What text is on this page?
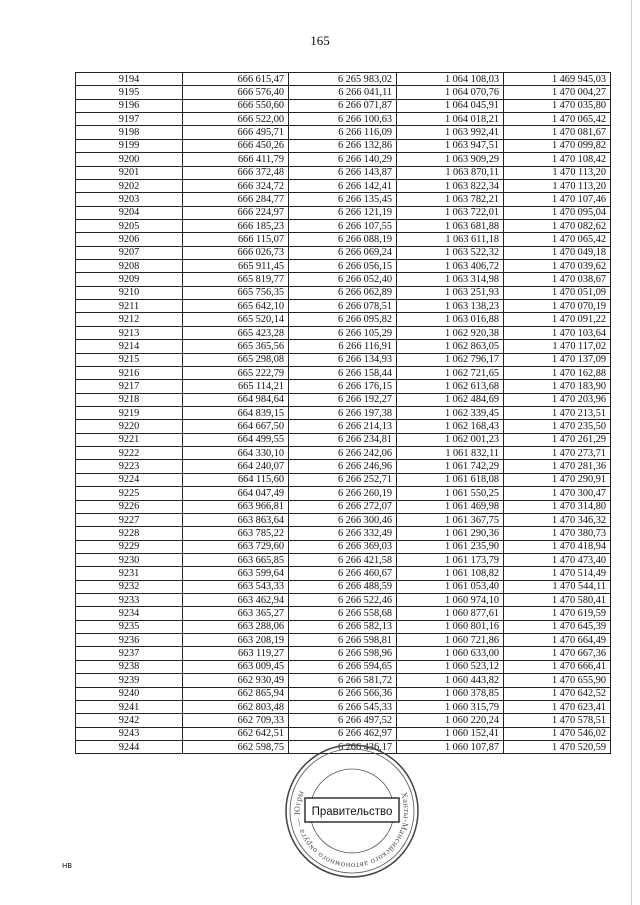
165
9194	666 615,47	6 265 983,02	1 064 108,03	1 469 945,03
9195	666 576,40	6 266 041,11	1 064 070,76	1 470 004,27
9196	666 550,60	6 266 071,87	1 064 045,91	1 470 035,80
9197	666 522,00	6 266 100,63	1 064 018,21	1 470 065,42
9198	666 495,71	6 266 116,09	1 063 992,41	1 470 081,67
9199	666 450,26	6 266 132,86	1 063 947,51	1 470 099,82
9200	666 411,79	6 266 140,29	1 063 909,29	1 470 108,42
9201	666 372,48	6 266 143,87	1 063 870,11	1 470 113,20
9202	666 324,72	6 266 142,41	1 063 822,34	1 470 113,20
9203	666 284,77	6 266 135,45	1 063 782,21	1 470 107,46
9204	666 224,97	6 266 121,19	1 063 722,01	1 470 095,04
9205	666 185,23	6 266 107,55	1 063 681,88	1 470 082,62
9206	666 115,07	6 266 088,19	1 063 611,18	1 470 065,42
9207	666 026,73	6 266 069,24	1 063 522,32	1 470 049,18
9208	665 911,45	6 266 056,15	1 063 406,72	1 470 039,62
9209	665 819,77	6 266 052,40	1 063 314,98	1 470 038,67
9210	665 756,35	6 266 062,89	1 063 251,93	1 470 051,09
9211	665 642,10	6 266 078,51	1 063 138,23	1 470 070,19
9212	665 520,14	6 266 095,82	1 063 016,88	1 470 091,22
9213	665 423,28	6 266 105,29	1 062 920,38	1 470 103,64
9214	665 365,56	6 266 116,91	1 062 863,05	1 470 117,02
9215	665 298,08	6 266 134,93	1 062 796,17	1 470 137,09
9216	665 222,79	6 266 158,44	1 062 721,65	1 470 162,88
9217	665 114,21	6 266 176,15	1 062 613,68	1 470 183,90
9218	664 984,64	6 266 192,27	1 062 484,69	1 470 203,96
9219	664 839,15	6 266 197,38	1 062 339,45	1 470 213,51
9220	664 667,50	6 266 214,13	1 062 168,43	1 470 235,50
9221	664 499,55	6 266 234,81	1 062 001,23	1 470 261,29
9222	664 330,10	6 266 242,06	1 061 832,11	1 470 273,71
9223	664 240,07	6 266 246,96	1 061 742,29	1 470 281,36
9224	664 115,60	6 266 252,71	1 061 618,08	1 470 290,91
9225	664 047,49	6 266 260,19	1 061 550,25	1 470 300,47
9226	663 966,81	6 266 272,07	1 061 469,98	1 470 314,80
9227	663 863,64	6 266 300,46	1 061 367,75	1 470 346,32
9228	663 785,22	6 266 332,49	1 061 290,36	1 470 380,73
9229	663 729,60	6 266 369,03	1 061 235,90	1 470 418,94
9230	663 665,85	6 266 421,58	1 061 173,79	1 470 473,40
9231	663 599,64	6 266 460,67	1 061 108,82	1 470 514,49
9232	663 543,33	6 266 488,59	1 061 053,40	1 470 544,11
9233	663 462,94	6 266 522,46	1 060 974,10	1 470 580,41
9234	663 365,27	6 266 558,68	1 060 877,61	1 470 619,59
9235	663 288,06	6 266 582,13	1 060 801,16	1 470 645,39
9236	663 208,19	6 266 598,81	1 060 721,86	1 470 664,49
9237	663 119,27	6 266 598,96	1 060 633,00	1 470 667,36
9238	663 009,45	6 266 594,65	1 060 523,12	1 470 666,41
9239	662 930,49	6 266 581,72	1 060 443,82	1 470 655,90
9240	662 865,94	6 266 566,36	1 060 378,85	1 470 642,52
9241	662 803,48	6 266 545,33	1 060 315,79	1 470 623,41
9242	662 709,33	6 266 497,52	1 060 220,24	1 470 578,51
9243	662 642,51	6 266 462,97	1 060 152,41	1 470 546,02
9244	662 598,75	6 266 436,17	1 060 107,87	1 470 520,59
Ханты-Мансийского автономного округа — Югры
Правительство
НВ
